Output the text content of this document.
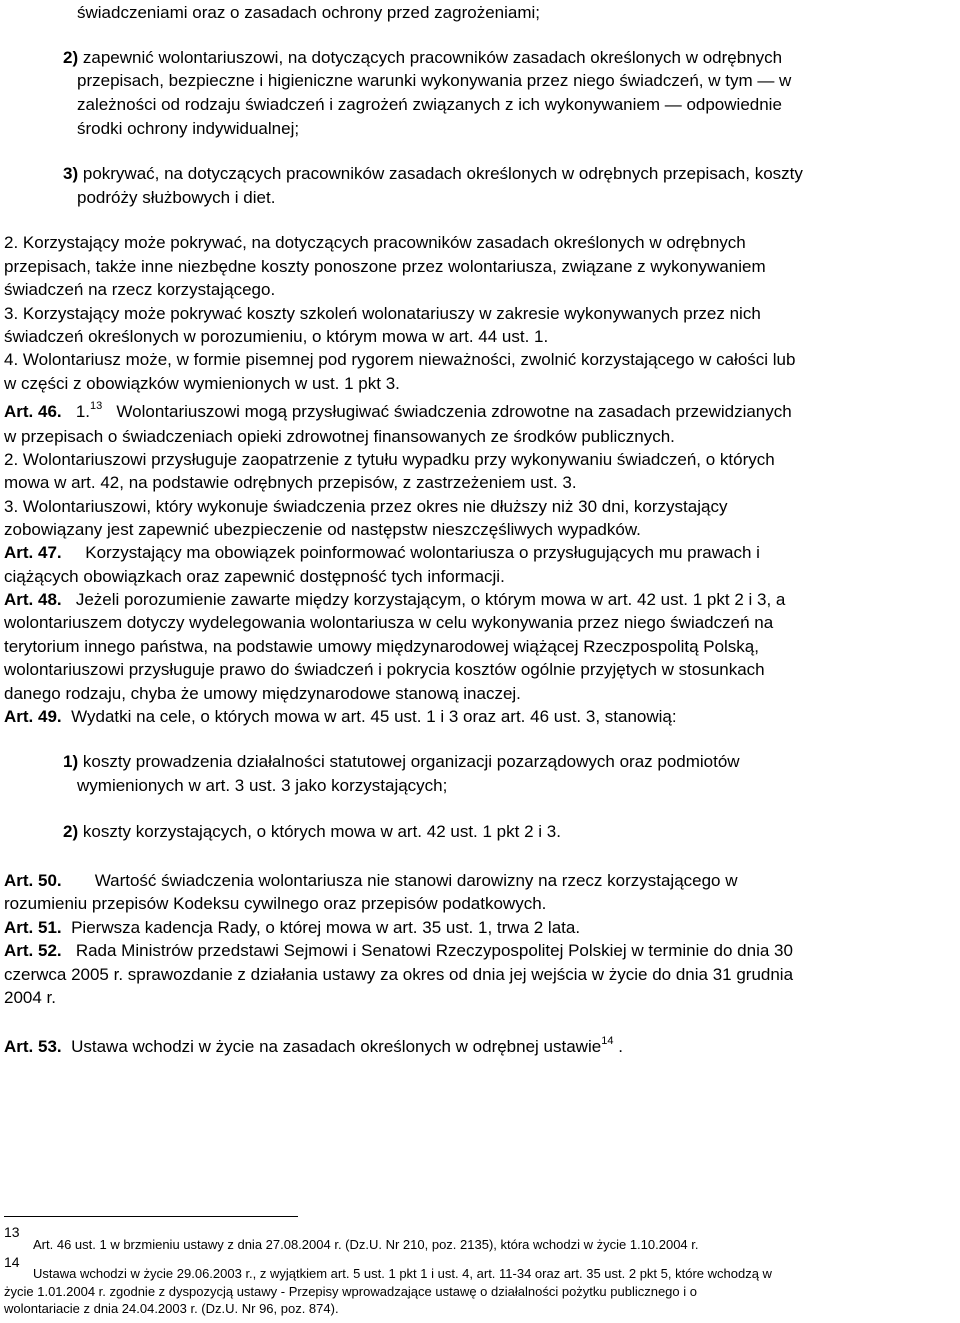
świadczeniami oraz o zasadach ochrony przed zagrożeniami;
2) zapewnić wolontariuszowi, na dotyczących pracowników zasadach określonych w odrębnych
przepisach, bezpieczne i higieniczne warunki wykonywania przez niego świadczeń, w tym — w
zależności od rodzaju świadczeń i zagrożeń związanych z ich wykonywaniem — odpowiednie
środki ochrony indywidualnej;
3) pokrywać, na dotyczących pracowników zasadach określonych w odrębnych przepisach, koszty
podróży służbowych i diet.
2. Korzystający może pokrywać, na dotyczących pracowników zasadach określonych w odrębnych
przepisach, także inne niezbędne koszty ponoszone przez wolontariusza, związane z wykonywaniem
świadczeń na rzecz korzystającego.
3. Korzystający może pokrywać koszty szkoleń wolonatariuszy w zakresie wykonywanych przez nich
świadczeń określonych w porozumieniu, o którym mowa w art. 44 ust. 1.
4. Wolontariusz może, w formie pisemnej pod rygorem nieważności, zwolnić korzystającego w całości lub
w części z obowiązków wymienionych w ust. 1 pkt 3.
Art. 46. 1.13 Wolontariuszowi mogą przysługiwać świadczenia zdrowotne na zasadach przewidzianych
w przepisach o świadczeniach opieki zdrowotnej finansowanych ze środków publicznych.
2. Wolontariuszowi przysługuje zaopatrzenie z tytułu wypadku przy wykonywaniu świadczeń, o których
mowa w art. 42, na podstawie odrębnych przepisów, z zastrzeżeniem ust. 3.
3. Wolontariuszowi, który wykonuje świadczenia przez okres nie dłuższy niż 30 dni, korzystający
zobowiązany jest zapewnić ubezpieczenie od następstw nieszczęśliwych wypadków.
Art. 47. Korzystający ma obowiązek poinformować wolontariusza o przysługujących mu prawach i
ciążących obowiązkach oraz zapewnić dostępność tych informacji.
Art. 48. Jeżeli porozumienie zawarte między korzystającym, o którym mowa w art. 42 ust. 1 pkt 2 i 3, a
wolontariuszem dotyczy wydelegowania wolontariusza w celu wykonywania przez niego świadczeń na
terytorium innego państwa, na podstawie umowy międzynarodowej wiążącej Rzeczpospolitą Polską,
wolontariuszowi przysługuje prawo do świadczeń i pokrycia kosztów ogólnie przyjętych w stosunkach
danego rodzaju, chyba że umowy międzynarodowe stanową inaczej.
Art. 49. Wydatki na cele, o których mowa w art. 45 ust. 1 i 3 oraz art. 46 ust. 3, stanowią:
1) koszty prowadzenia działalności statutowej organizacji pozarządowych oraz podmiotów
wymienionych w art. 3 ust. 3 jako korzystających;
2) koszty korzystających, o których mowa w art. 42 ust. 1 pkt 2 i 3.
Art. 50. Wartość świadczenia wolontariusza nie stanowi darowizny na rzecz korzystającego w
rozumieniu przepisów Kodeksu cywilnego oraz przepisów podatkowych.
Art. 51. Pierwsza kadencja Rady, o której mowa w art. 35 ust. 1, trwa 2 lata.
Art. 52. Rada Ministrów przedstawi Sejmowi i Senatowi Rzeczypospolitej Polskiej w terminie do dnia 30
czerwca 2005 r. sprawozdanie z działania ustawy za okres od dnia jej wejścia w życie do dnia 31 grudnia
2004 r.
Art. 53. Ustawa wchodzi w życie na zasadach określonych w odrębnej ustawie$^{14}$ .
13
Art. 46 ust. 1 w brzmieniu ustawy z dnia 27.08.2004 r. (Dz.U. Nr 210, poz. 2135), która wchodzi w życie 1.10.2004 r.
14
Ustawa wchodzi w życie 29.06.2003 r., z wyjątkiem art. 5 ust. 1 pkt 1 i ust. 4, art. 11-34 oraz art. 35 ust. 2 pkt 5, które wchodzą w
życie 1.01.2004 r. zgodnie z dyspozycją ustawy - Przepisy wprowadzające ustawę o działalności pożytku publicznego i o
wolontariacie z dnia 24.04.2003 r. (Dz.U. Nr 96, poz. 874).
